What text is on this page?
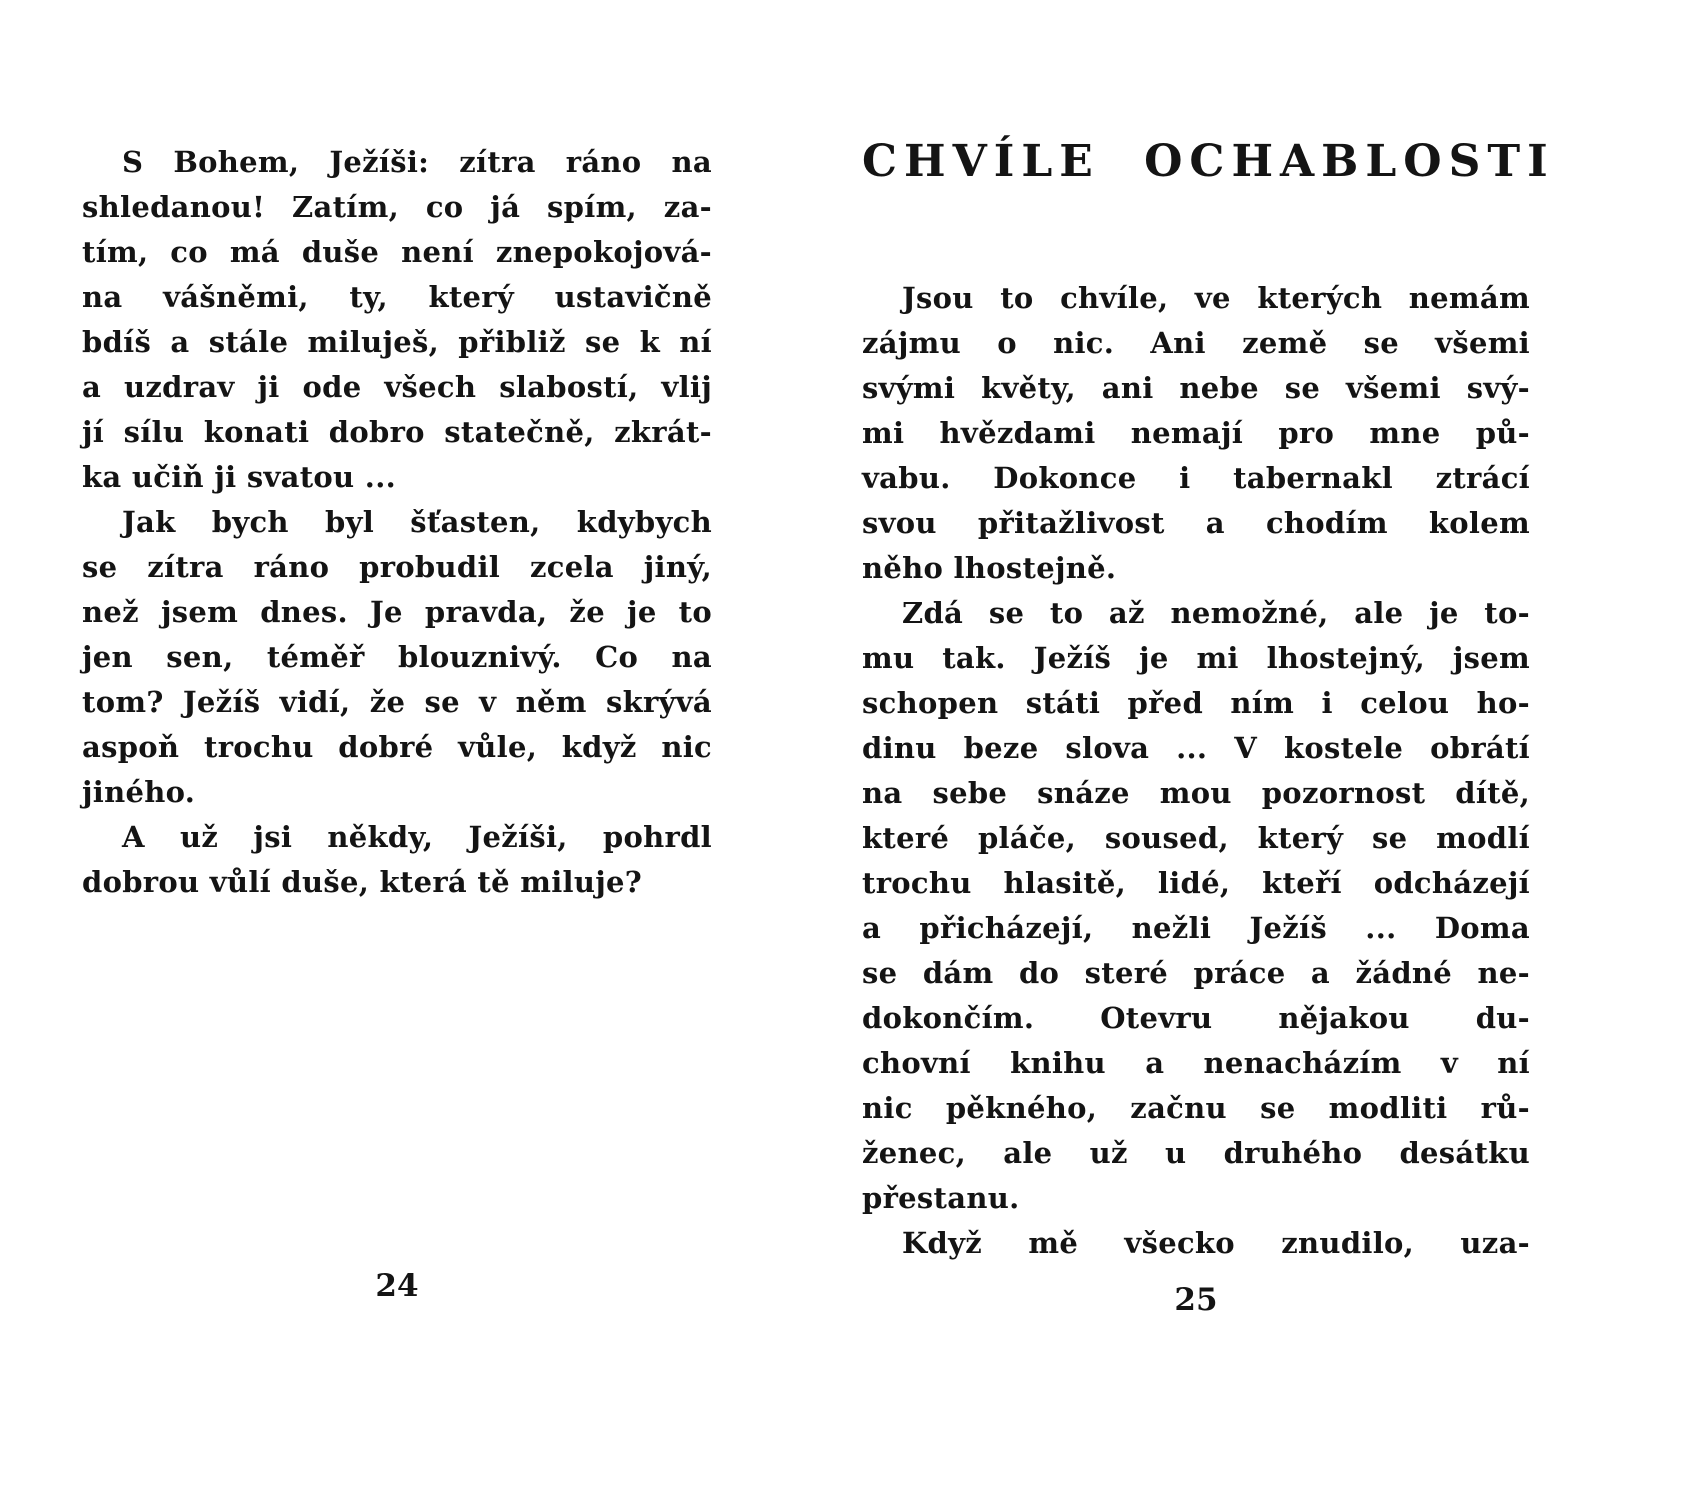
S Bohem, Ježíši: zítra ráno na
shledanou! Zatím, co já spím, za-
tím, co má duše není znepokojová-
na vášněmi, ty, který ustavičně
bdíš a stále miluješ, přibliž se k ní
a uzdrav ji ode všech slabostí, vlij
jí sílu konati dobro statečně, zkrát-
ka učiň ji svatou ...
Jak bych byl šťasten, kdybych
se zítra ráno probudil zcela jiný,
než jsem dnes. Je pravda, že je to
jen sen, téměř blouznivý. Co na
tom? Ježíš vidí, že se v něm skrývá
aspoň trochu dobré vůle, když nic
jiného.
A už jsi někdy, Ježíši, pohrdl
dobrou vůlí duše, která tě miluje?
24
CHVÍLE OCHABLOSTI
Jsou to chvíle, ve kterých nemám
zájmu o nic. Ani země se všemi
svými květy, ani nebe se všemi svý-
mi hvězdami nemají pro mne pů-
vabu. Dokonce i tabernakl ztrácí
svou přitažlivost a chodím kolem
něho lhostejně.
Zdá se to až nemožné, ale je to-
mu tak. Ježíš je mi lhostejný, jsem
schopen státi před ním i celou ho-
dinu beze slova ... V kostele obrátí
na sebe snáze mou pozornost dítě,
které pláče, soused, který se modlí
trochu hlasitě, lidé, kteří odcházejí
a přicházejí, nežli Ježíš ... Doma
se dám do steré práce a žádné ne-
dokončím. Otevru nějakou du-
chovní knihu a nenacházím v ní
nic pěkného, začnu se modliti rů-
ženec, ale už u druhého desátku
přestanu.
Když mě všecko znudilo, uza-
25
